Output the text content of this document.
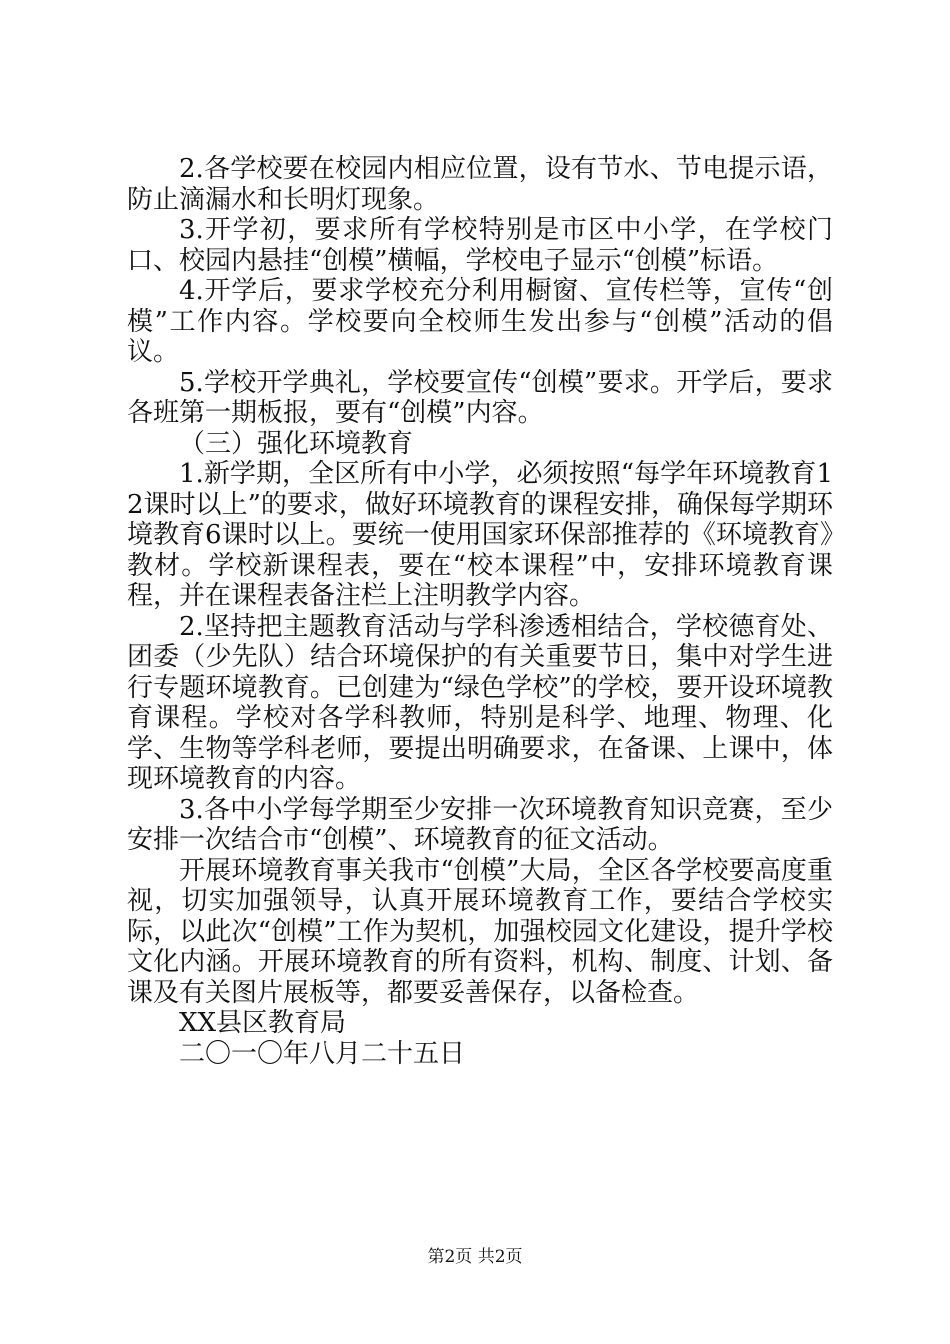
2.各学校要在校园内相应位置，设有节水、节电提示语，防止滴漏水和长明灯现象。

3.开学初，要求所有学校特别是市区中小学，在学校门口、校园内悬挂“创模”横幅，学校电子显示“创模”标语。

4.开学后，要求学校充分利用橱窗、宣传栏等，宣传“创模”工作内容。学校要向全校师生发出参与“创模”活动的倡议。

5.学校开学典礼，学校要宣传“创模”要求。开学后，要求各班第一期板报，要有“创模”内容。

（三）强化环境教育

1.新学期，全区所有中小学，必须按照“每学年环境教育12课时以上”的要求，做好环境教育的课程安排，确保每学期环境教育6课时以上。要统一使用国家环保部推荐的《环境教育》教材。学校新课程表，要在“校本课程”中，安排环境教育课程，并在课程表备注栏上注明教学内容。

2.坚持把主题教育活动与学科渗透相结合，学校德育处、团委（少先队）结合环境保护的有关重要节日，集中对学生进行专题环境教育。已创建为“绿色学校”的学校，要开设环境教育课程。学校对各学科教师，特别是科学、地理、物理、化学、生物等学科老师，要提出明确要求，在备课、上课中，体现环境教育的内容。

3.各中小学每学期至少安排一次环境教育知识竞赛，至少安排一次结合市“创模”、环境教育的征文活动。

开展环境教育事关我市“创模”大局，全区各学校要高度重视，切实加强领导，认真开展环境教育工作，要结合学校实际，以此次“创模”工作为契机，加强校园文化建设，提升学校文化内涵。开展环境教育的所有资料，机构、制度、计划、备课及有关图片展板等，都要妥善保存，以备检查。

XX县区教育局

二〇一〇年八月二十五日

第2页 共2页
